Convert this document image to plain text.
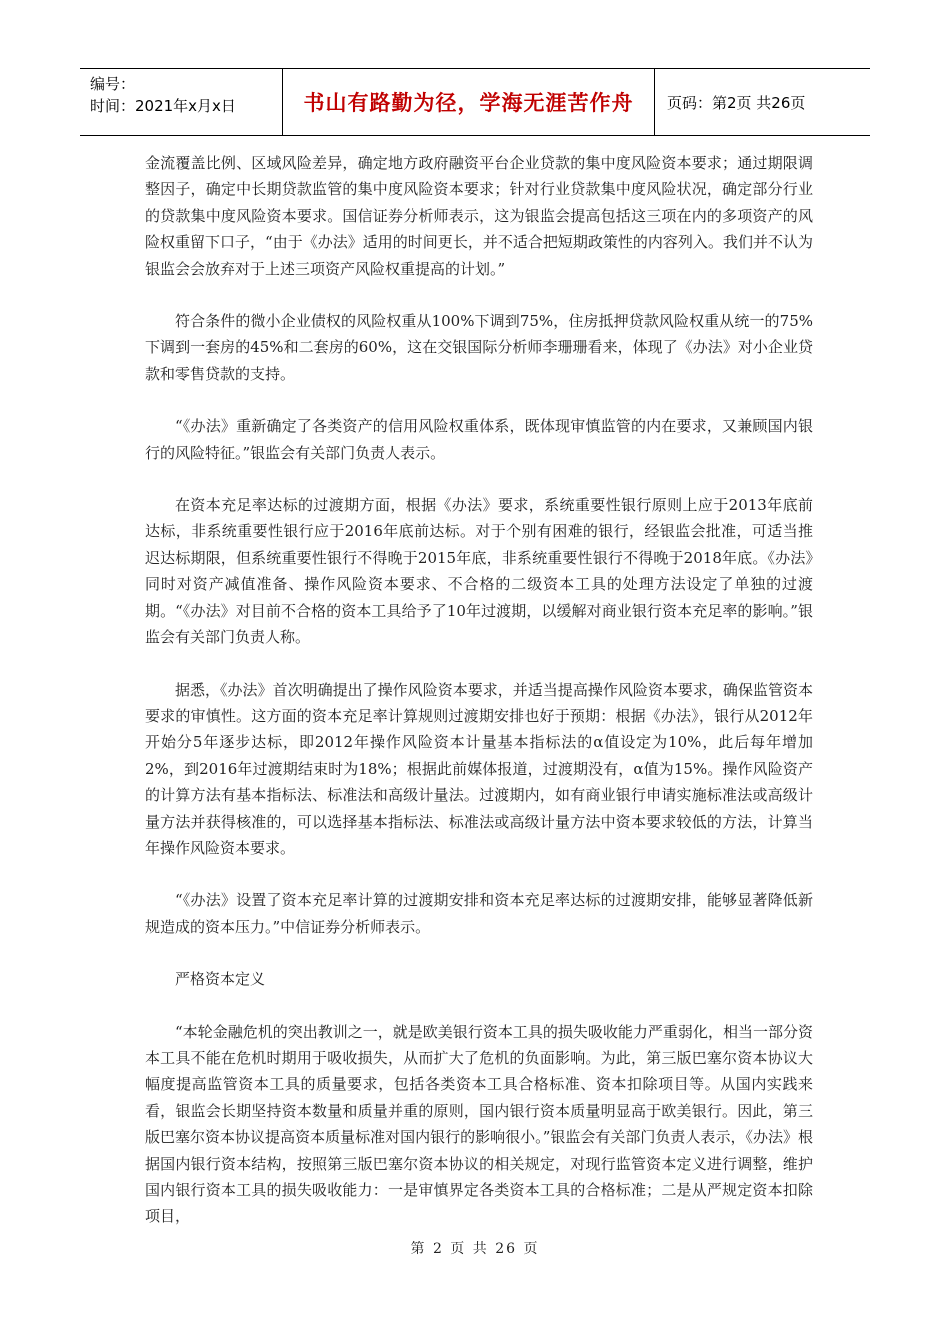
编号：
时间：2021年x月x日	书山有路勤为径，学海无涯苦作舟	页码：第2页 共26页

金流覆盖比例、区域风险差异，确定地方政府融资平台企业贷款的集中度风险资本要求；通过期限调整因子，确定中长期贷款监管的集中度风险资本要求；针对行业贷款集中度风险状况，确定部分行业的贷款集中度风险资本要求。国信证券分析师表示，这为银监会提高包括这三项在内的多项资产的风险权重留下口子，“由于《办法》适用的时间更长，并不适合把短期政策性的内容列入。我们并不认为银监会会放弃对于上述三项资产风险权重提高的计划。”

符合条件的微小企业债权的风险权重从100%下调到75%，住房抵押贷款风险权重从统一的75%下调到一套房的45%和二套房的60%，这在交银国际分析师李珊珊看来，体现了《办法》对小企业贷款和零售贷款的支持。

“《办法》重新确定了各类资产的信用风险权重体系，既体现审慎监管的内在要求，又兼顾国内银行的风险特征。”银监会有关部门负责人表示。

在资本充足率达标的过渡期方面，根据《办法》要求，系统重要性银行原则上应于2013年底前达标，非系统重要性银行应于2016年底前达标。对于个别有困难的银行，经银监会批准，可适当推迟达标期限，但系统重要性银行不得晚于2015年底，非系统重要性银行不得晚于2018年底。《办法》同时对资产减值准备、操作风险资本要求、不合格的二级资本工具的处理方法设定了单独的过渡期。“《办法》对目前不合格的资本工具给予了10年过渡期，以缓解对商业银行资本充足率的影响。”银监会有关部门负责人称。

据悉，《办法》首次明确提出了操作风险资本要求，并适当提高操作风险资本要求，确保监管资本要求的审慎性。这方面的资本充足率计算规则过渡期安排也好于预期：根据《办法》，银行从2012年开始分5年逐步达标，即2012年操作风险资本计量基本指标法的α值设定为10%，此后每年增加2%，到2016年过渡期结束时为18%；根据此前媒体报道，过渡期没有，α值为15%。操作风险资产的计算方法有基本指标法、标准法和高级计量法。过渡期内，如有商业银行申请实施标准法或高级计量方法并获得核准的，可以选择基本指标法、标准法或高级计量方法中资本要求较低的方法，计算当年操作风险资本要求。

“《办法》设置了资本充足率计算的过渡期安排和资本充足率达标的过渡期安排，能够显著降低新规造成的资本压力。”中信证券分析师表示。

严格资本定义

“本轮金融危机的突出教训之一，就是欧美银行资本工具的损失吸收能力严重弱化，相当一部分资本工具不能在危机时期用于吸收损失，从而扩大了危机的负面影响。为此，第三版巴塞尔资本协议大幅度提高监管资本工具的质量要求，包括各类资本工具合格标准、资本扣除项目等。从国内实践来看，银监会长期坚持资本数量和质量并重的原则，国内银行资本质量明显高于欧美银行。因此，第三版巴塞尔资本协议提高资本质量标准对国内银行的影响很小。”银监会有关部门负责人表示，《办法》根据国内银行资本结构，按照第三版巴塞尔资本协议的相关规定，对现行监管资本定义进行调整，维护国内银行资本工具的损失吸收能力：一是审慎界定各类资本工具的合格标准；二是从严规定资本扣除项目，

第 2 页 共 26 页
